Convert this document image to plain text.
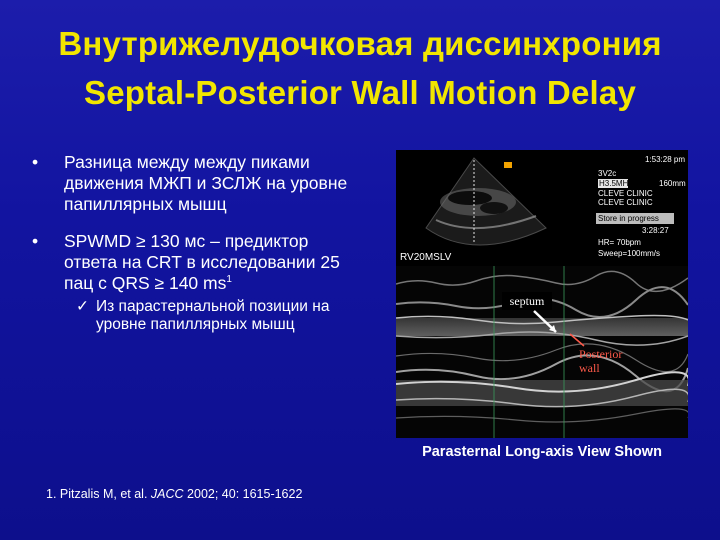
Внутрижелудочковая диссинхрония
Septal-Posterior Wall Motion Delay
• Разница между между пиками движения МЖП и ЗСЛЖ на уровне папиллярных мышц
• SPWMD ≥ 130 мс – предиктор ответа на CRT в исследовании 25 пац с QRS ≥ 140 $ms^1$
✓ Из парастернальной позиции на уровне папиллярных мышц
1:53:28 pm
3V2c
H3.5MHz	160mm
CLEVE CLINIC
CLEVE CLINIC
Store in progress
3:28:27
HR= 70bpm
Sweep=100mm/s
RV20MSLV
septum
Posterior
wall
Parasternal Long-axis View Shown
1. Pitzalis M, et al. JACC 2002; 40: 1615-1622
